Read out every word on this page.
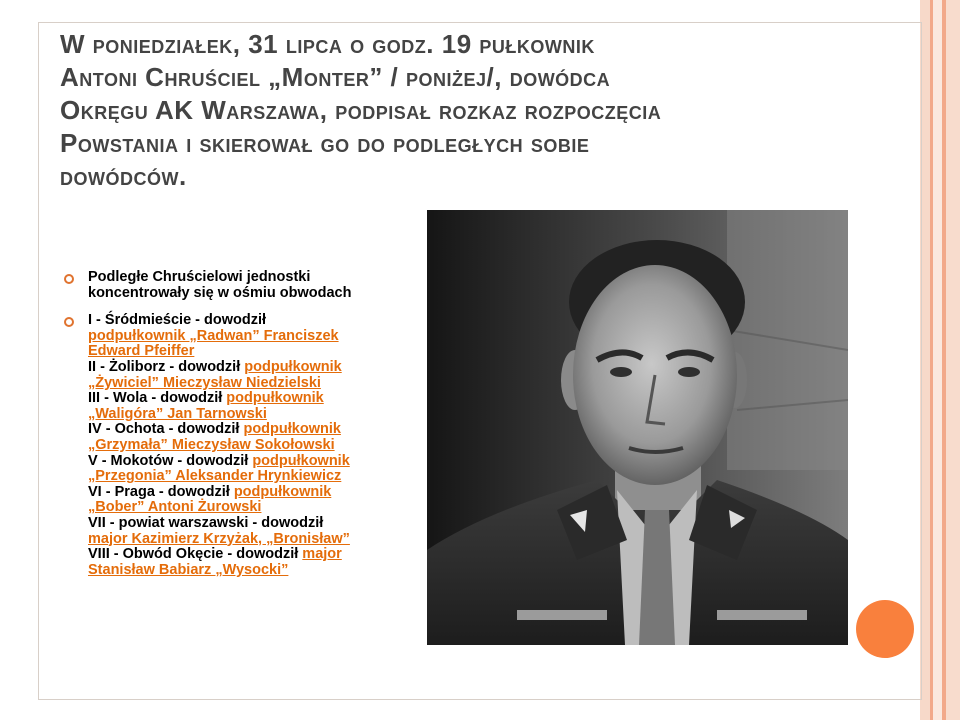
W poniedziałek, 31 lipca o godz. 19 pułkownik
Antoni Chruściel „Monter” / poniżej/, dowódca
Okręgu AK Warszawa, podpisał rozkaz rozpoczęcia
Powstania i skierował go do podległych sobie
dowódców.
Podległe Chruścielowi jednostki
koncentrowały się w ośmiu obwodach
I - Śródmieście - dowodził
podpułkownik „Radwan” Franciszek
Edward Pfeiffer
II - Żoliborz - dowodził podpułkownik
„Żywiciel” Mieczysław Niedzielski
III - Wola - dowodził podpułkownik
„Waligóra” Jan Tarnowski
IV - Ochota - dowodził podpułkownik
„Grzymała” Mieczysław Sokołowski
V - Mokotów - dowodził podpułkownik
„Przegonia” Aleksander Hrynkiewicz
VI - Praga - dowodził podpułkownik
„Bober” Antoni Żurowski
VII - powiat warszawski - dowodził
major Kazimierz Krzyżak, „Bronisław”
VIII - Obwód Okęcie - dowodził major
Stanisław Babiarz „Wysocki”
